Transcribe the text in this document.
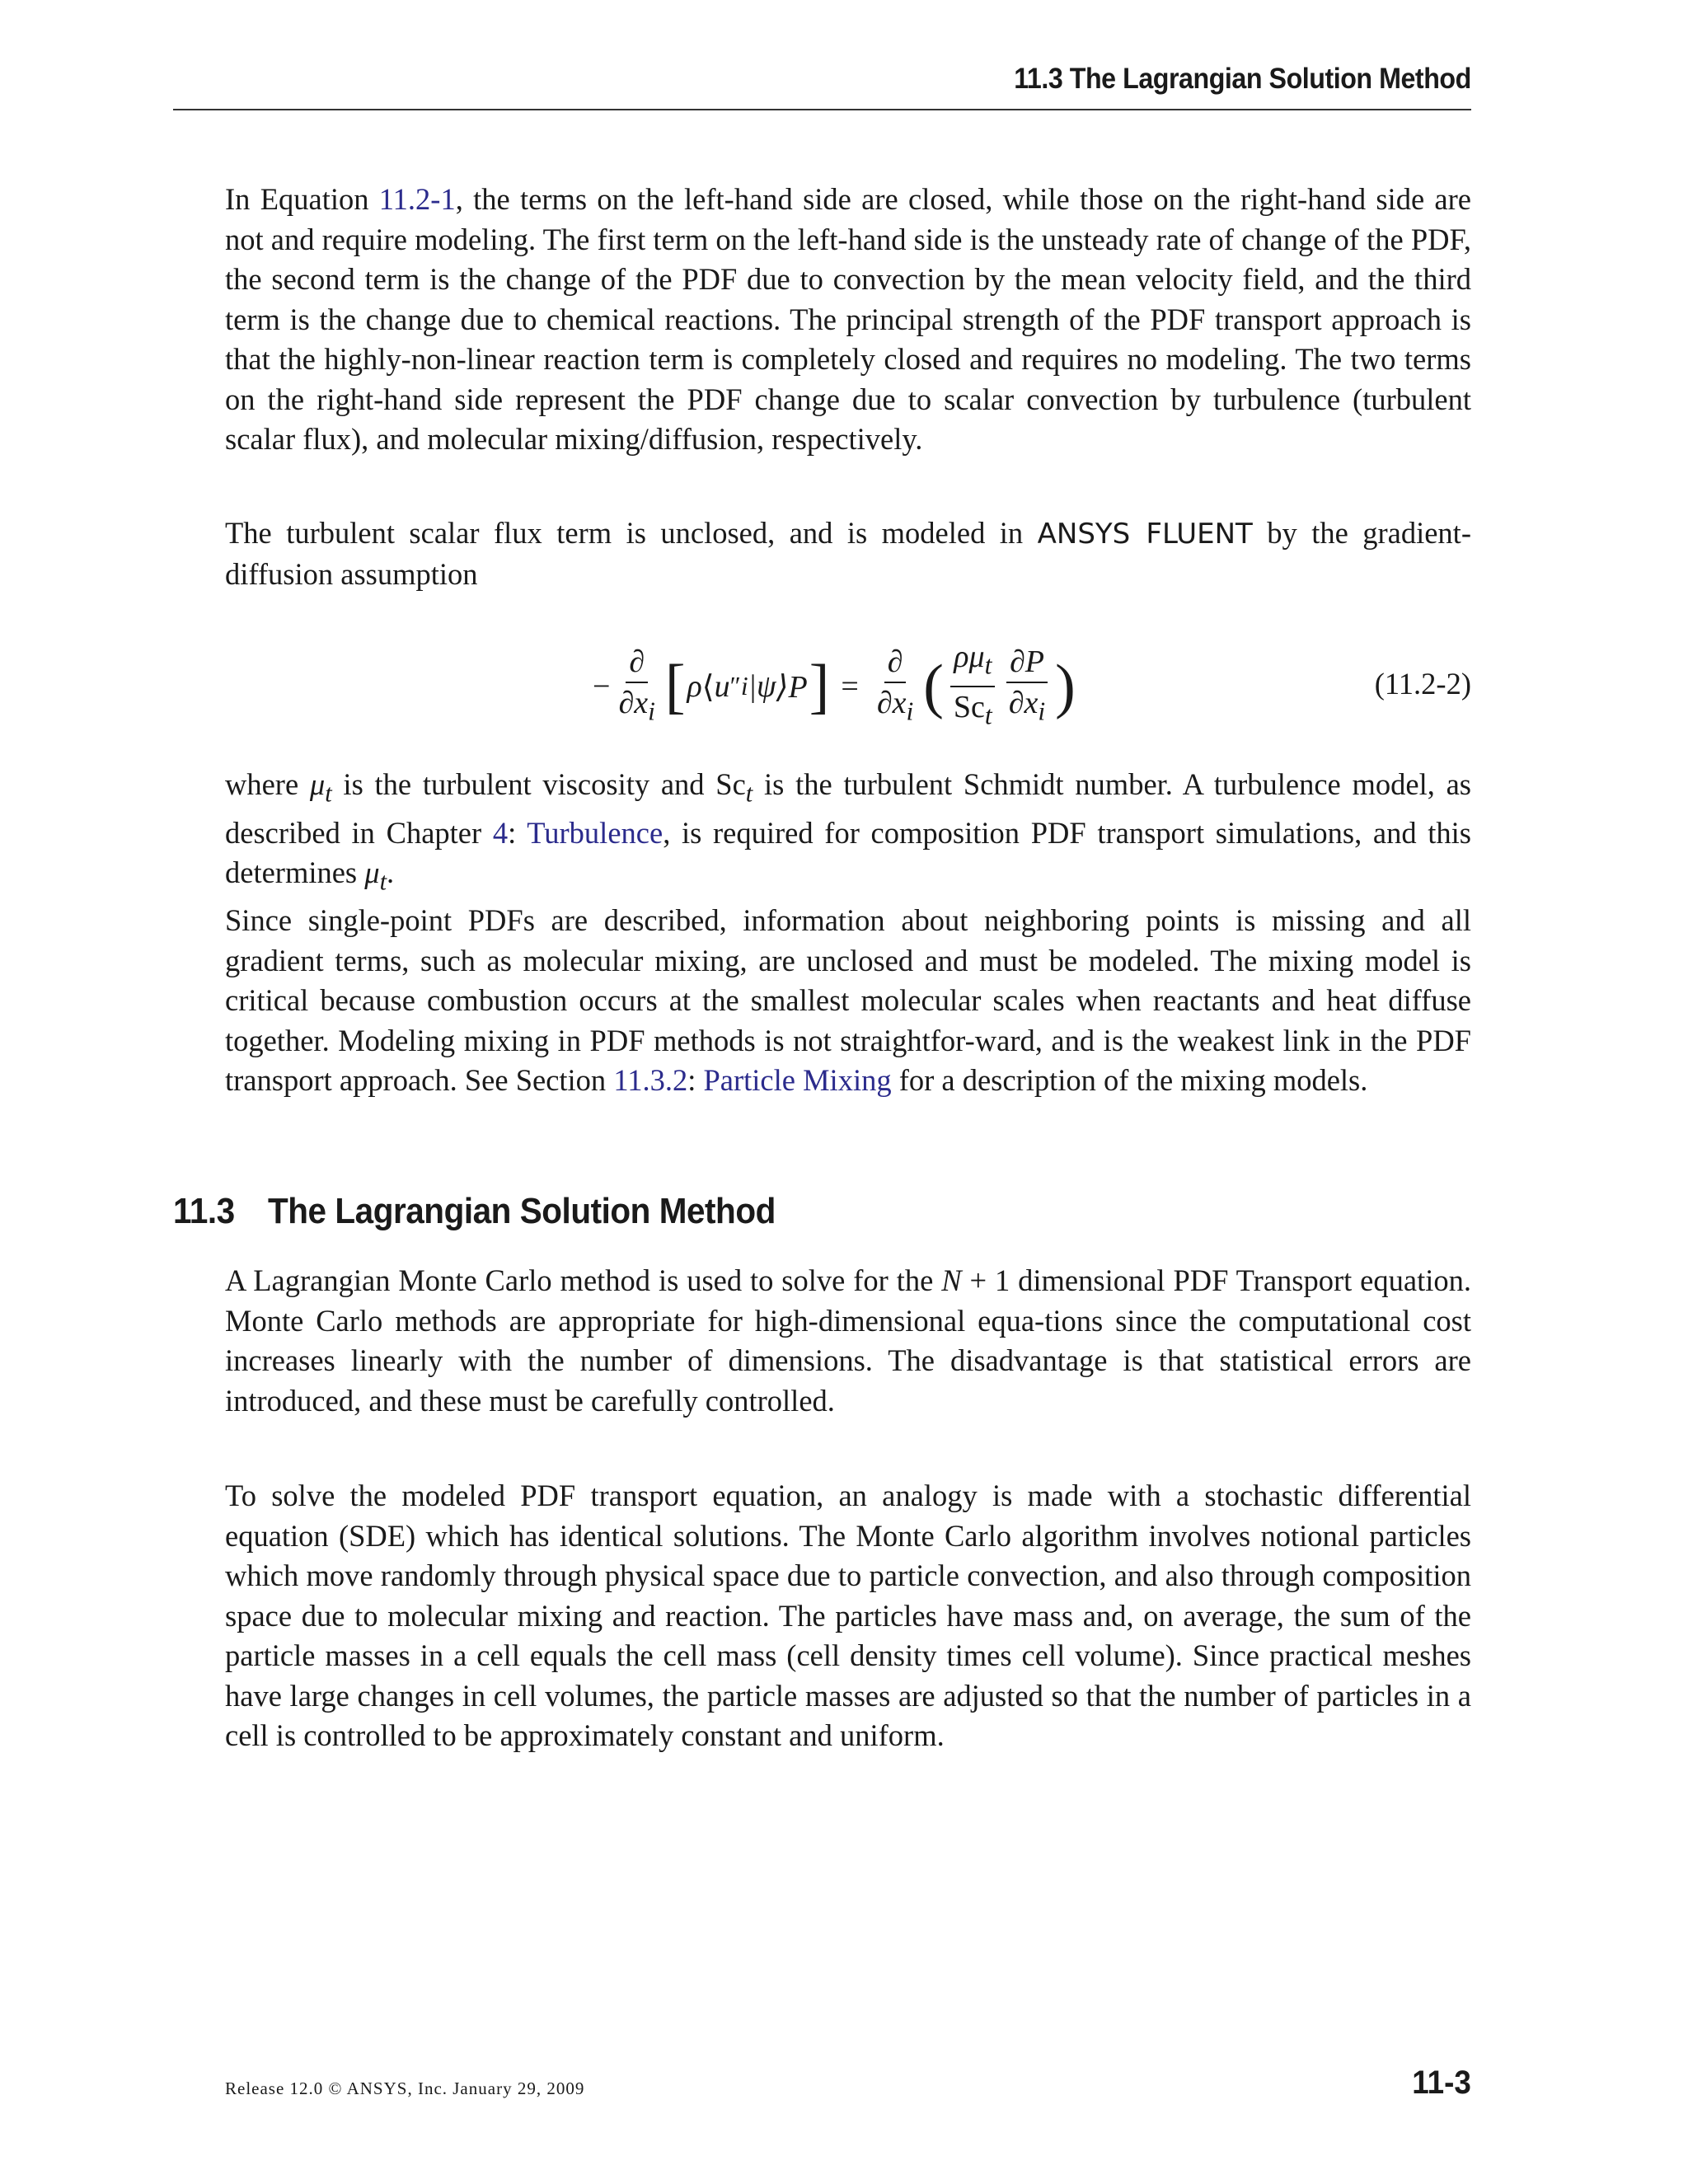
11.3 The Lagrangian Solution Method

In Equation 11.2-1, the terms on the left-hand side are closed, while those on the right-hand side are not and require modeling. The first term on the left-hand side is the unsteady rate of change of the PDF, the second term is the change of the PDF due to convection by the mean velocity field, and the third term is the change due to chemical reactions. The principal strength of the PDF transport approach is that the highly-non-linear reaction term is completely closed and requires no modeling. The two terms on the right-hand side represent the PDF change due to scalar convection by turbulence (turbulent scalar flux), and molecular mixing/diffusion, respectively.

The turbulent scalar flux term is unclosed, and is modeled in ANSYS FLUENT by the gradient-diffusion assumption

− $\frac{\partial}{\partial x_i}$ [ ρ ⟨ u ″ i |ψ ⟩P ] = $\frac{\partial}{\partial x_i}$ ( $\frac{\rho\mu_t}{Sc_t} \frac{\partial P}{\partial x_i}$ )	(11.2-2)

where $\mu_t$ is the turbulent viscosity and $Sc_t$ is the turbulent Schmidt number. A turbulence model, as described in Chapter 4: Turbulence, is required for composition PDF transport simulations, and this determines $\mu_t$.

Since single-point PDFs are described, information about neighboring points is missing and all gradient terms, such as molecular mixing, are unclosed and must be modeled. The mixing model is critical because combustion occurs at the smallest molecular scales when reactants and heat diffuse together. Modeling mixing in PDF methods is not straightfor-ward, and is the weakest link in the PDF transport approach. See Section 11.3.2: Particle Mixing for a description of the mixing models.

11.3 The Lagrangian Solution Method

A Lagrangian Monte Carlo method is used to solve for the N + 1 dimensional PDF Transport equation. Monte Carlo methods are appropriate for high-dimensional equa-tions since the computational cost increases linearly with the number of dimensions. The disadvantage is that statistical errors are introduced, and these must be carefully controlled.

To solve the modeled PDF transport equation, an analogy is made with a stochastic differential equation (SDE) which has identical solutions. The Monte Carlo algorithm involves notional particles which move randomly through physical space due to particle convection, and also through composition space due to molecular mixing and reaction. The particles have mass and, on average, the sum of the particle masses in a cell equals the cell mass (cell density times cell volume). Since practical meshes have large changes in cell volumes, the particle masses are adjusted so that the number of particles in a cell is controlled to be approximately constant and uniform.

Release 12.0 © ANSYS, Inc. January 29, 2009	11-3
